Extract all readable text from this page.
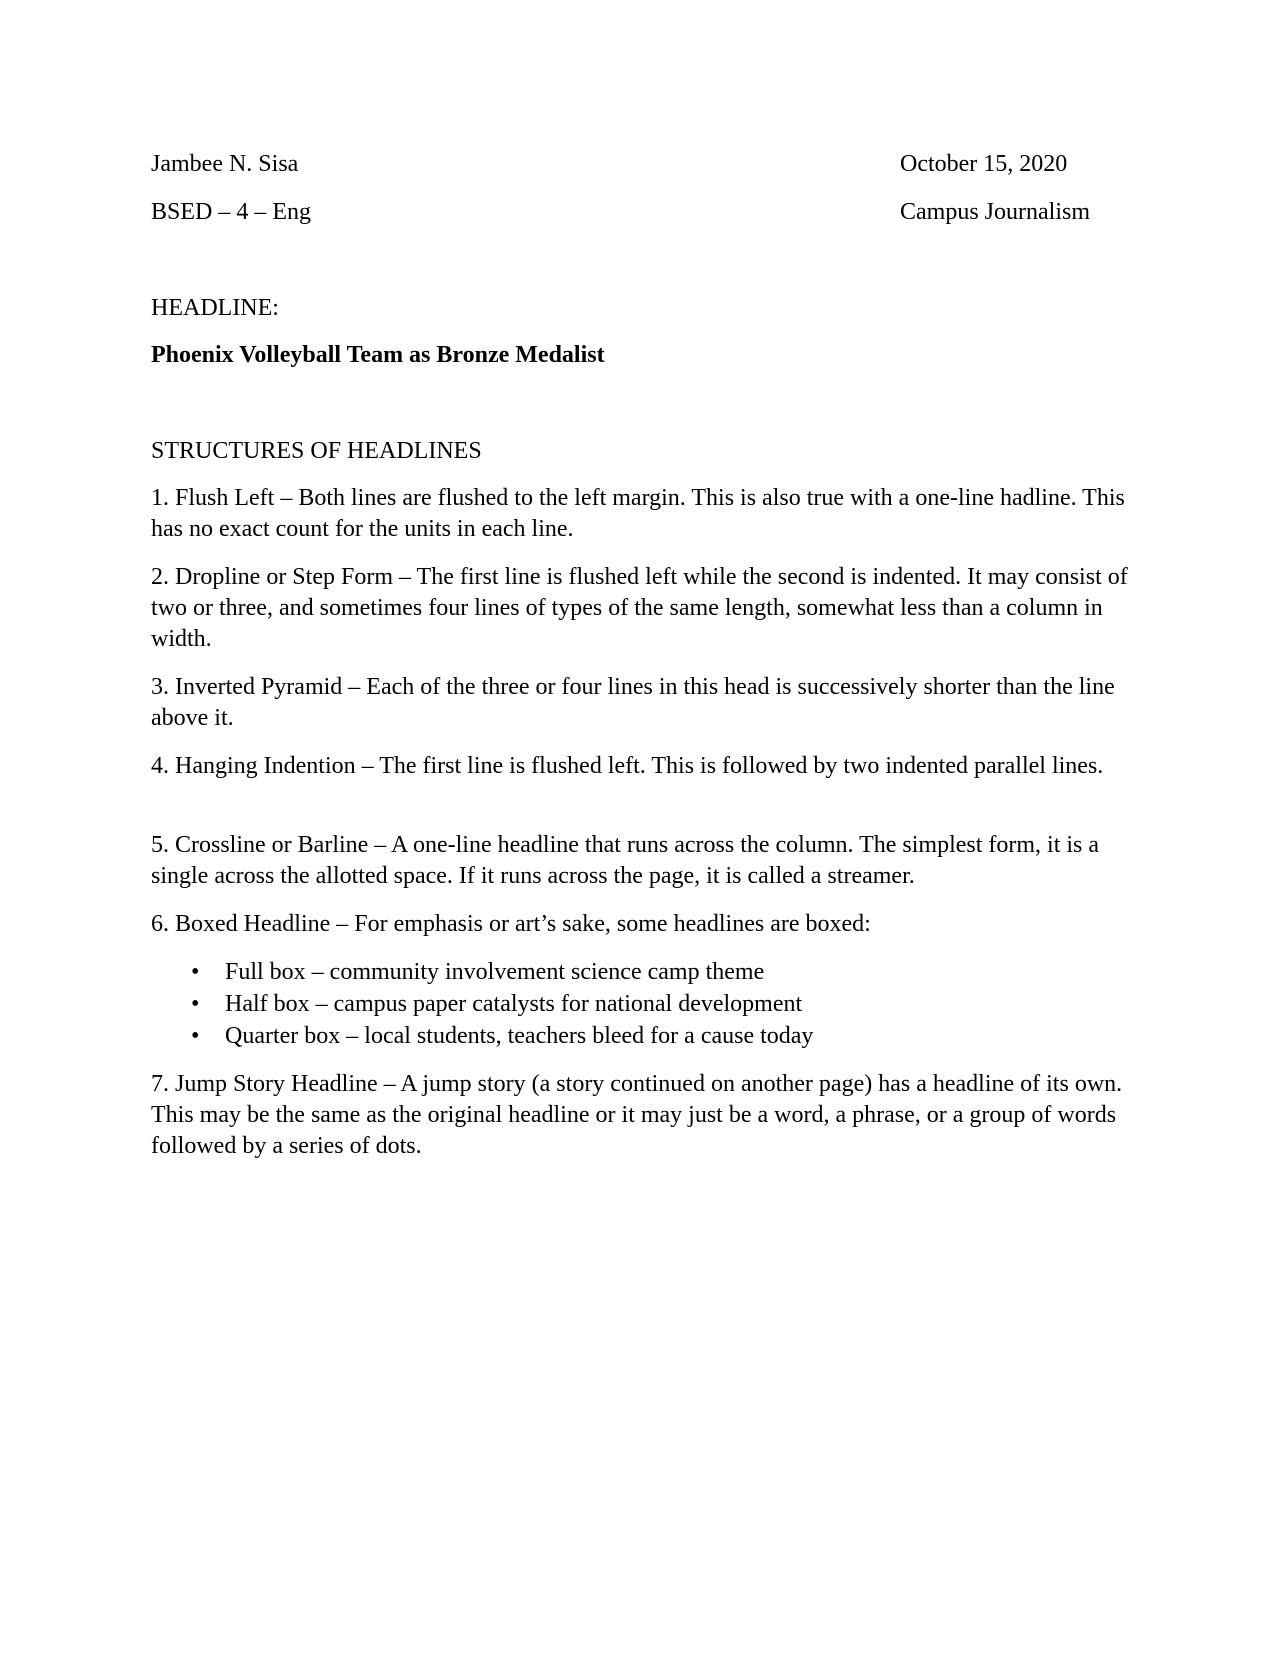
Jambee N. Sisa	October 15, 2020
BSED – 4 – Eng	Campus Journalism
HEADLINE:
Phoenix Volleyball Team as Bronze Medalist
STRUCTURES OF HEADLINES

1. Flush Left – Both lines are flushed to the left margin. This is also true with a one-line hadline. This has no exact count for the units in each line.

2. Dropline or Step Form – The first line is flushed left while the second is indented. It may consist of two or three, and sometimes four lines of types of the same length, somewhat less than a column in width.

3. Inverted Pyramid – Each of the three or four lines in this head is successively shorter than the line above it.

4. Hanging Indention – The first line is flushed left. This is followed by two indented parallel lines.

5. Crossline or Barline – A one-line headline that runs across the column. The simplest form, it is a single across the allotted space. If it runs across the page, it is called a streamer.

6. Boxed Headline – For emphasis or art’s sake, some headlines are boxed:

• Full box – community involvement science camp theme
• Half box – campus paper catalysts for national development
• Quarter box – local students, teachers bleed for a cause today

7. Jump Story Headline – A jump story (a story continued on another page) has a headline of its own. This may be the same as the original headline or it may just be a word, a phrase, or a group of words followed by a series of dots.
